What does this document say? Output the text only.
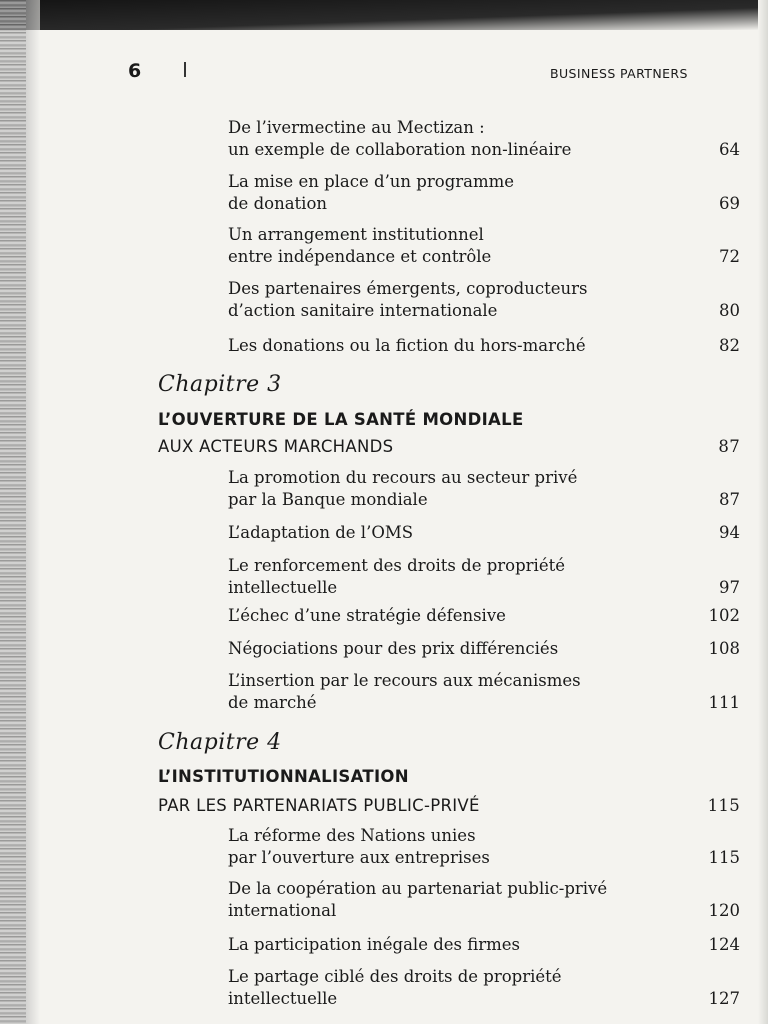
6	BUSINESS PARTNERS
De l’ivermectine au Mectizan :
un exemple de collaboration non-linéaire	64
La mise en place d’un programme
de donation	69
Un arrangement institutionnel
entre indépendance et contrôle	72
Des partenaires émergents, coproducteurs
d’action sanitaire internationale	80
Les donations ou la fiction du hors-marché	82
Chapitre 3
L’OUVERTURE DE LA SANTÉ MONDIALE
AUX ACTEURS MARCHANDS	87
La promotion du recours au secteur privé
par la Banque mondiale	87
L’adaptation de l’OMS	94
Le renforcement des droits de propriété
intellectuelle	97
L’échec d’une stratégie défensive	102
Négociations pour des prix différenciés	108
L’insertion par le recours aux mécanismes
de marché	111
Chapitre 4
L’INSTITUTIONNALISATION
PAR LES PARTENARIATS PUBLIC-PRIVÉ	115
La réforme des Nations unies
par l’ouverture aux entreprises	115
De la coopération au partenariat public-privé
international	120
La participation inégale des firmes	124
Le partage ciblé des droits de propriété
intellectuelle	127
